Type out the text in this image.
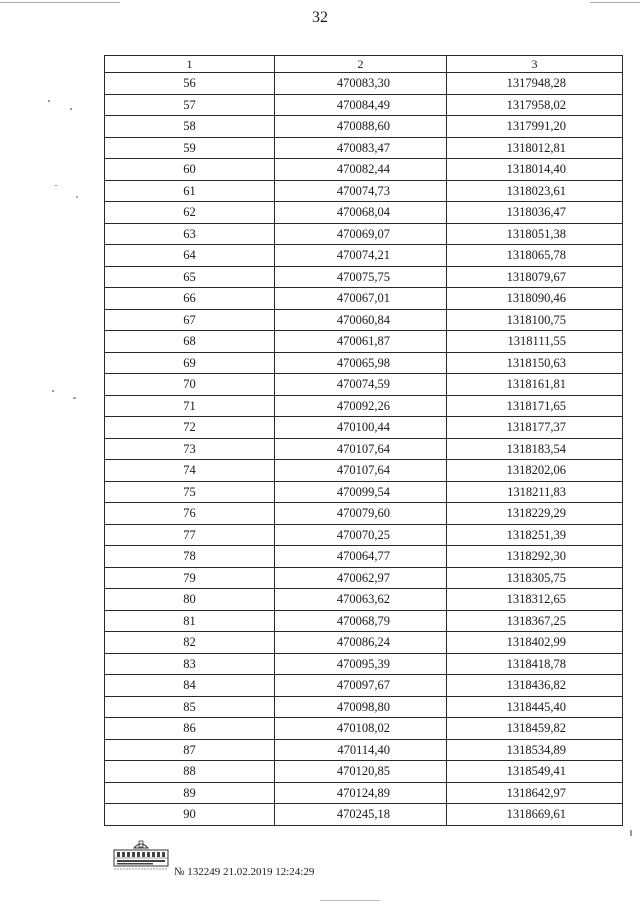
32
1	2	3
56	470083,30	1317948,28
57	470084,49	1317958,02
58	470088,60	1317991,20
59	470083,47	1318012,81
60	470082,44	1318014,40
61	470074,73	1318023,61
62	470068,04	1318036,47
63	470069,07	1318051,38
64	470074,21	1318065,78
65	470075,75	1318079,67
66	470067,01	1318090,46
67	470060,84	1318100,75
68	470061,87	1318111,55
69	470065,98	1318150,63
70	470074,59	1318161,81
71	470092,26	1318171,65
72	470100,44	1318177,37
73	470107,64	1318183,54
74	470107,64	1318202,06
75	470099,54	1318211,83
76	470079,60	1318229,29
77	470070,25	1318251,39
78	470064,77	1318292,30
79	470062,97	1318305,75
80	470063,62	1318312,65
81	470068,79	1318367,25
82	470086,24	1318402,99
83	470095,39	1318418,78
84	470097,67	1318436,82
85	470098,80	1318445,40
86	470108,02	1318459,82
87	470114,40	1318534,89
88	470120,85	1318549,41
89	470124,89	1318642,97
90	470245,18	1318669,61
№ 132249 21.02.2019 12:24:29
